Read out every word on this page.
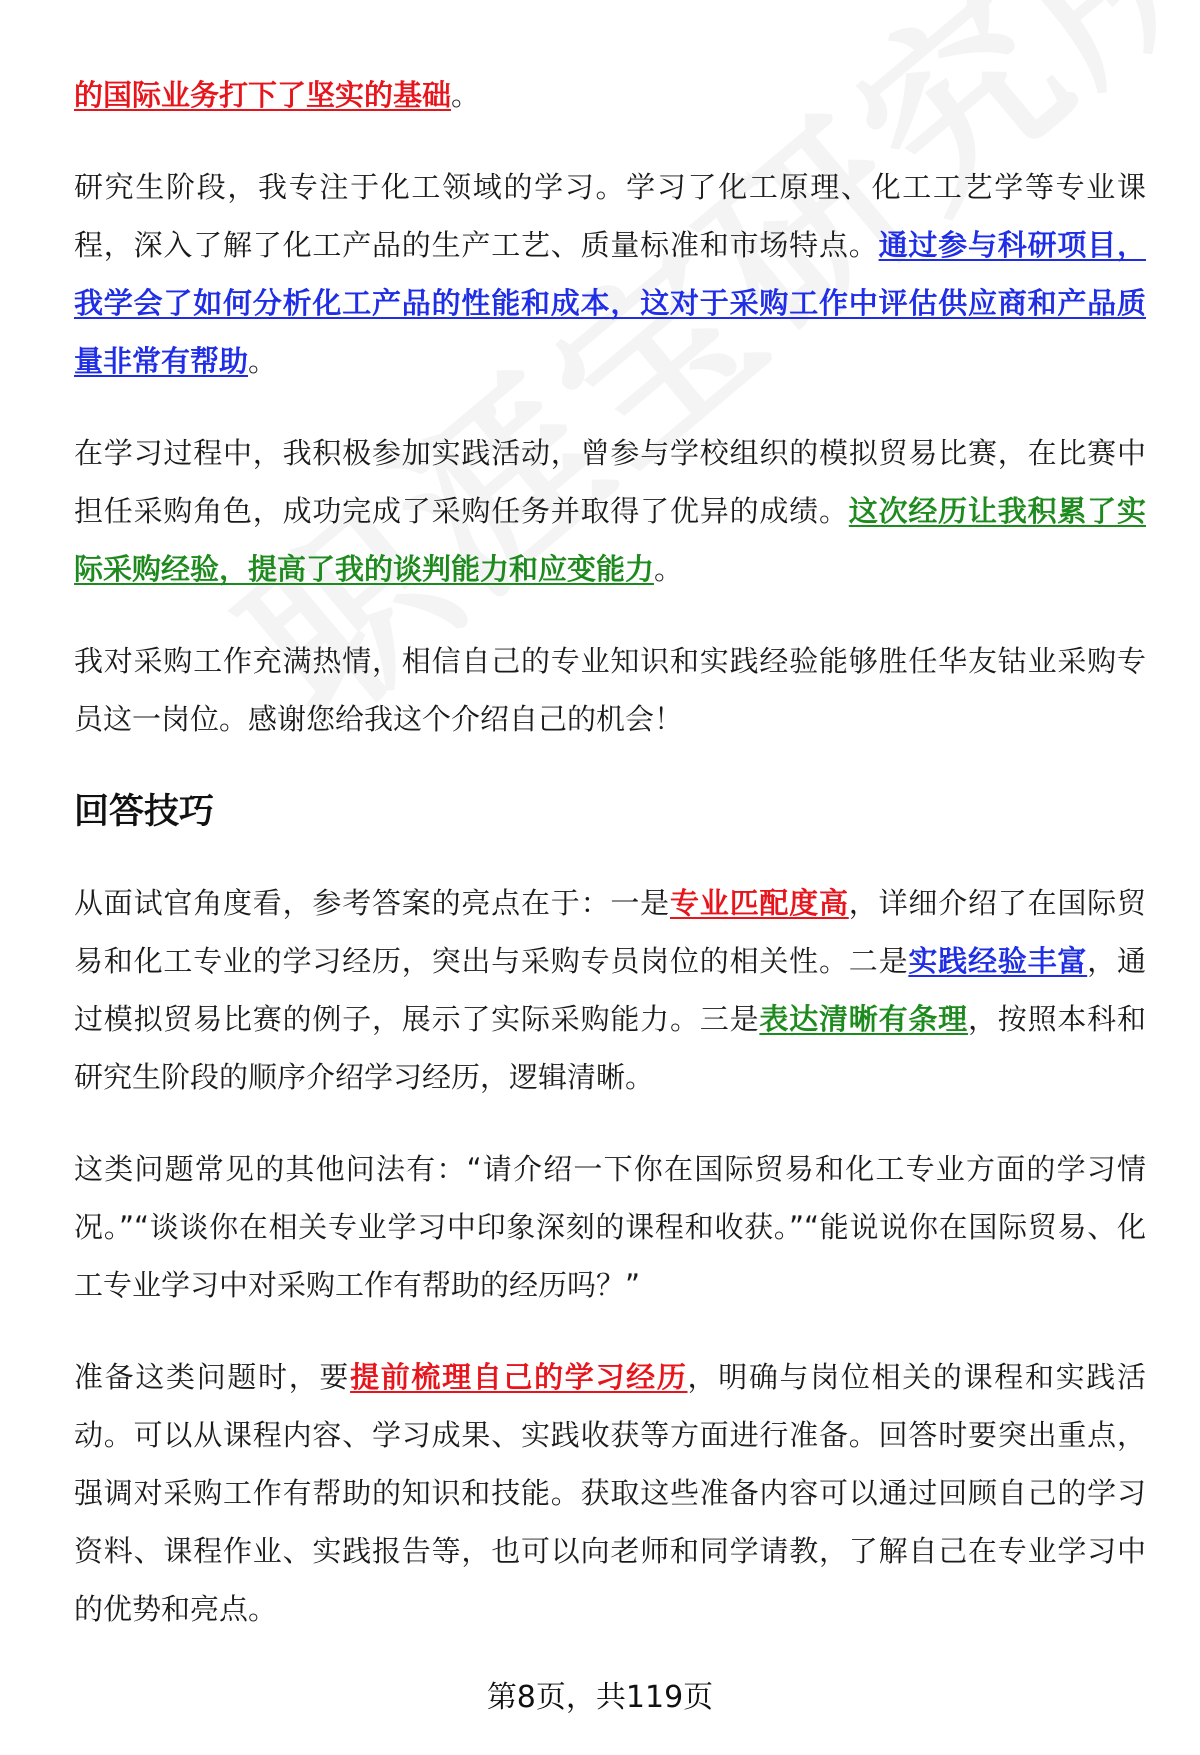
的国际业务打下了坚实的基础。

研究生阶段，我专注于化工领域的学习。学习了化工原理、化工工艺学等专业课程，深入了解了化工产品的生产工艺、质量标准和市场特点。通过参与科研项目，我学会了如何分析化工产品的性能和成本，这对于采购工作中评估供应商和产品质量非常有帮助。

在学习过程中，我积极参加实践活动，曾参与学校组织的模拟贸易比赛，在比赛中担任采购角色，成功完成了采购任务并取得了优异的成绩。这次经历让我积累了实际采购经验，提高了我的谈判能力和应变能力。

我对采购工作充满热情，相信自己的专业知识和实践经验能够胜任华友钴业采购专员这一岗位。感谢您给我这个介绍自己的机会！

回答技巧

从面试官角度看，参考答案的亮点在于：一是专业匹配度高，详细介绍了在国际贸易和化工专业的学习经历，突出与采购专员岗位的相关性。二是实践经验丰富，通过模拟贸易比赛的例子，展示了实际采购能力。三是表达清晰有条理，按照本科和研究生阶段的顺序介绍学习经历，逻辑清晰。

这类问题常见的其他问法有：“请介绍一下你在国际贸易和化工专业方面的学习情况。”“谈谈你在相关专业学习中印象深刻的课程和收获。”“能说说你在国际贸易、化工专业学习中对采购工作有帮助的经历吗？”

准备这类问题时，要提前梳理自己的学习经历，明确与岗位相关的课程和实践活动。可以从课程内容、学习成果、实践收获等方面进行准备。回答时要突出重点，强调对采购工作有帮助的知识和技能。获取这些准备内容可以通过回顾自己的学习资料、课程作业、实践报告等，也可以向老师和同学请教，了解自己在专业学习中的优势和亮点。

第8页，共119页
